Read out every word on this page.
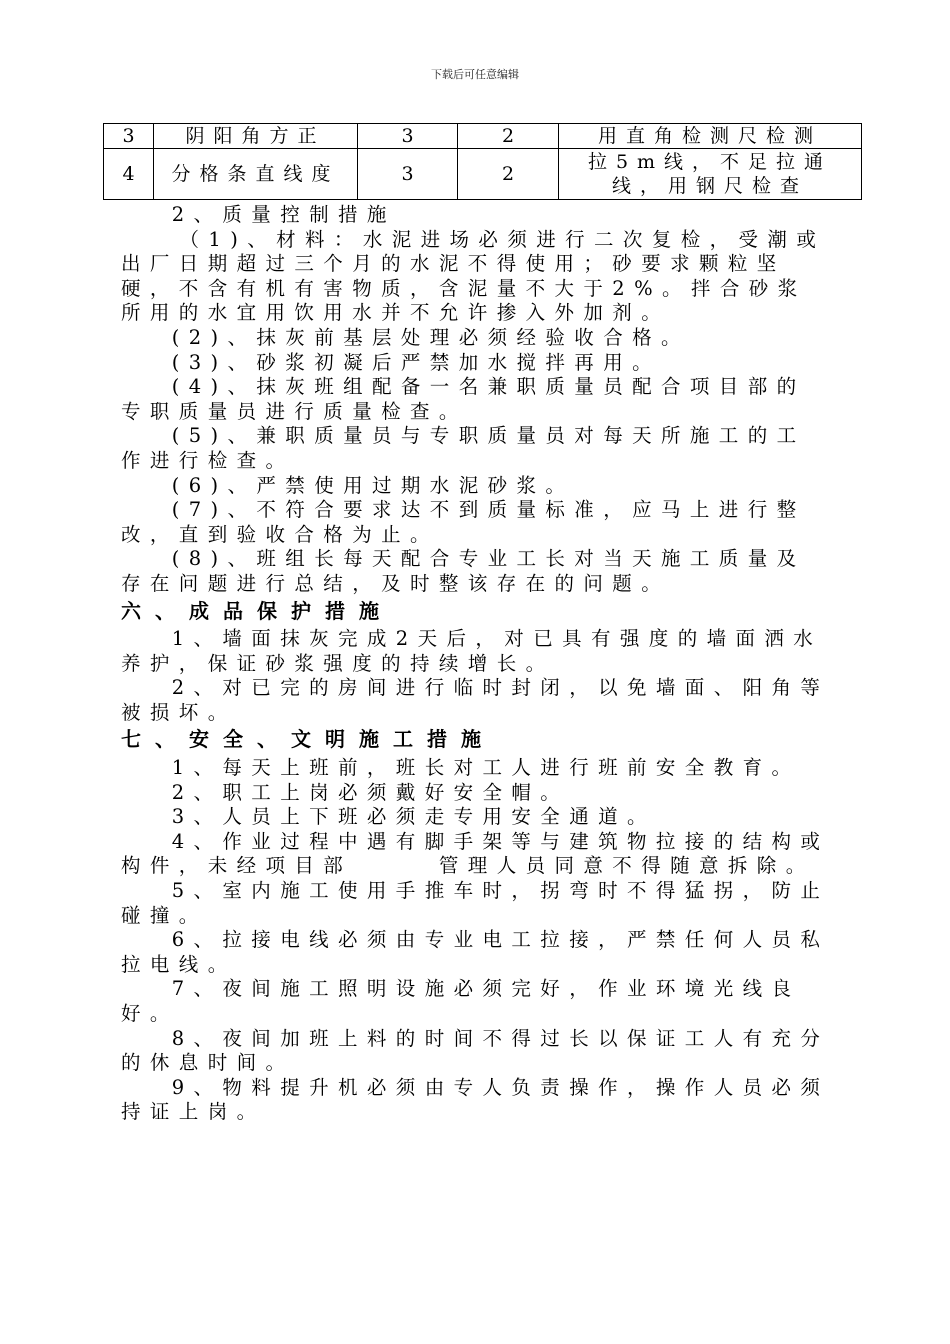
下载后可任意编辑
3	阴阳角方正	3	2	用直角检测尺检测
4	分格条直线度	3	2	拉5m线，不足拉通线，用钢尺检查

2、质量控制措施

（1)、材料：水泥进场必须进行二次复检，受潮或出厂日期超过三个月的水泥不得使用；砂要求颗粒坚硬，不含有机有害物质，含泥量不大于2%。拌合砂浆所用的水宜用饮用水并不允许掺入外加剂。

(2)、抹灰前基层处理必须经验收合格。

(3)、砂浆初凝后严禁加水搅拌再用。

(4)、抹灰班组配备一名兼职质量员配合项目部的专职质量员进行质量检查。

(5)、兼职质量员与专职质量员对每天所施工的工作进行检查。

(6)、严禁使用过期水泥砂浆。

(7)、不符合要求达不到质量标准，应马上进行整改，直到验收合格为止。

(8)、班组长每天配合专业工长对当天施工质量及存在问题进行总结，及时整该存在的问题。

六、成品保护措施

1、墙面抹灰完成2天后，对已具有强度的墙面洒水养护，保证砂浆强度的持续增长。

2、对已完的房间进行临时封闭，以免墙面、阳角等被损坏。

七、安全、文明施工措施

1、每天上班前，班长对工人进行班前安全教育。

2、职工上岗必须戴好安全帽。

3、人员上下班必须走专用安全通道。

4、作业过程中遇有脚手架等与建筑物拉接的结构或构件，未经项目部　　　管理人员同意不得随意拆除。

5、室内施工使用手推车时，拐弯时不得猛拐，防止碰撞。

6、拉接电线必须由专业电工拉接，严禁任何人员私拉电线。

7、夜间施工照明设施必须完好，作业环境光线良好。

8、夜间加班上料的时间不得过长以保证工人有充分的休息时间。

9、物料提升机必须由专人负责操作，操作人员必须持证上岗。
